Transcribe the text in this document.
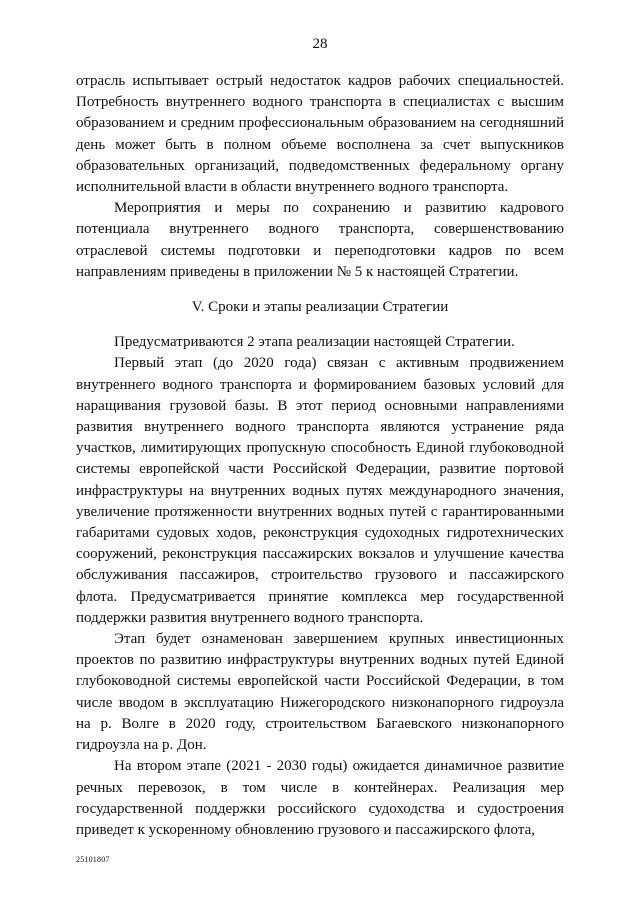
28

отрасль испытывает острый недостаток кадров рабочих специальностей. Потребность внутреннего водного транспорта в специалистах с высшим образованием и средним профессиональным образованием на сегодняшний день может быть в полном объеме восполнена за счет выпускников образовательных организаций, подведомственных федеральному органу исполнительной власти в области внутреннего водного транспорта.

Мероприятия и меры по сохранению и развитию кадрового потенциала внутреннего водного транспорта, совершенствованию отраслевой системы подготовки и переподготовки кадров по всем направлениям приведены в приложении № 5 к настоящей Стратегии.

V. Сроки и этапы реализации Стратегии

Предусматриваются 2 этапа реализации настоящей Стратегии.

Первый этап (до 2020 года) связан с активным продвижением внутреннего водного транспорта и формированием базовых условий для наращивания грузовой базы. В этот период основными направлениями развития внутреннего водного транспорта являются устранение ряда участков, лимитирующих пропускную способность Единой глубоководной системы европейской части Российской Федерации, развитие портовой инфраструктуры на внутренних водных путях международного значения, увеличение протяженности внутренних водных путей с гарантированными габаритами судовых ходов, реконструкция судоходных гидротехнических сооружений, реконструкция пассажирских вокзалов и улучшение качества обслуживания пассажиров, строительство грузового и пассажирского флота. Предусматривается принятие комплекса мер государственной поддержки развития внутреннего водного транспорта.

Этап будет ознаменован завершением крупных инвестиционных проектов по развитию инфраструктуры внутренних водных путей Единой глубоководной системы европейской части Российской Федерации, в том числе вводом в эксплуатацию Нижегородского низконапорного гидроузла на р. Волге в 2020 году, строительством Багаевского низконапорного гидроузла на р. Дон.

На втором этапе (2021 - 2030 годы) ожидается динамичное развитие речных перевозок, в том числе в контейнерах. Реализация мер государственной поддержки российского судоходства и судостроения приведет к ускоренному обновлению грузового и пассажирского флота,

25101807
